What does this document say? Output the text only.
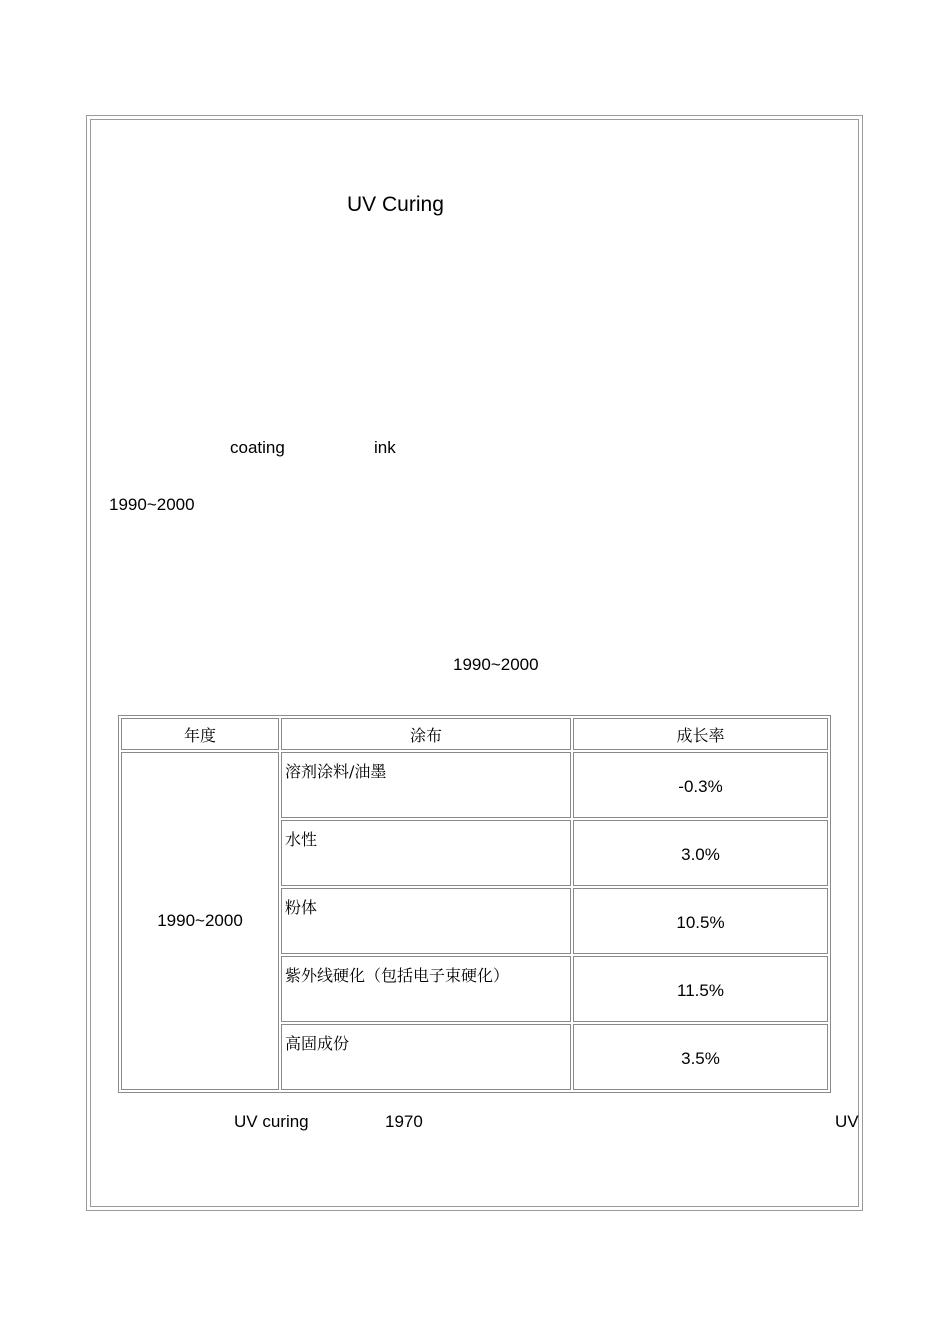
UV Curing
coating	ink
1990~2000
1990~2000
年度	涂布	成长率
1990~2000	溶剂涂料/油墨	-0.3%
	水性	3.0%
	粉体	10.5%
	紫外线硬化（包括电子束硬化）	11.5%
	高固成份	3.5%
UV curing	1970	UV
